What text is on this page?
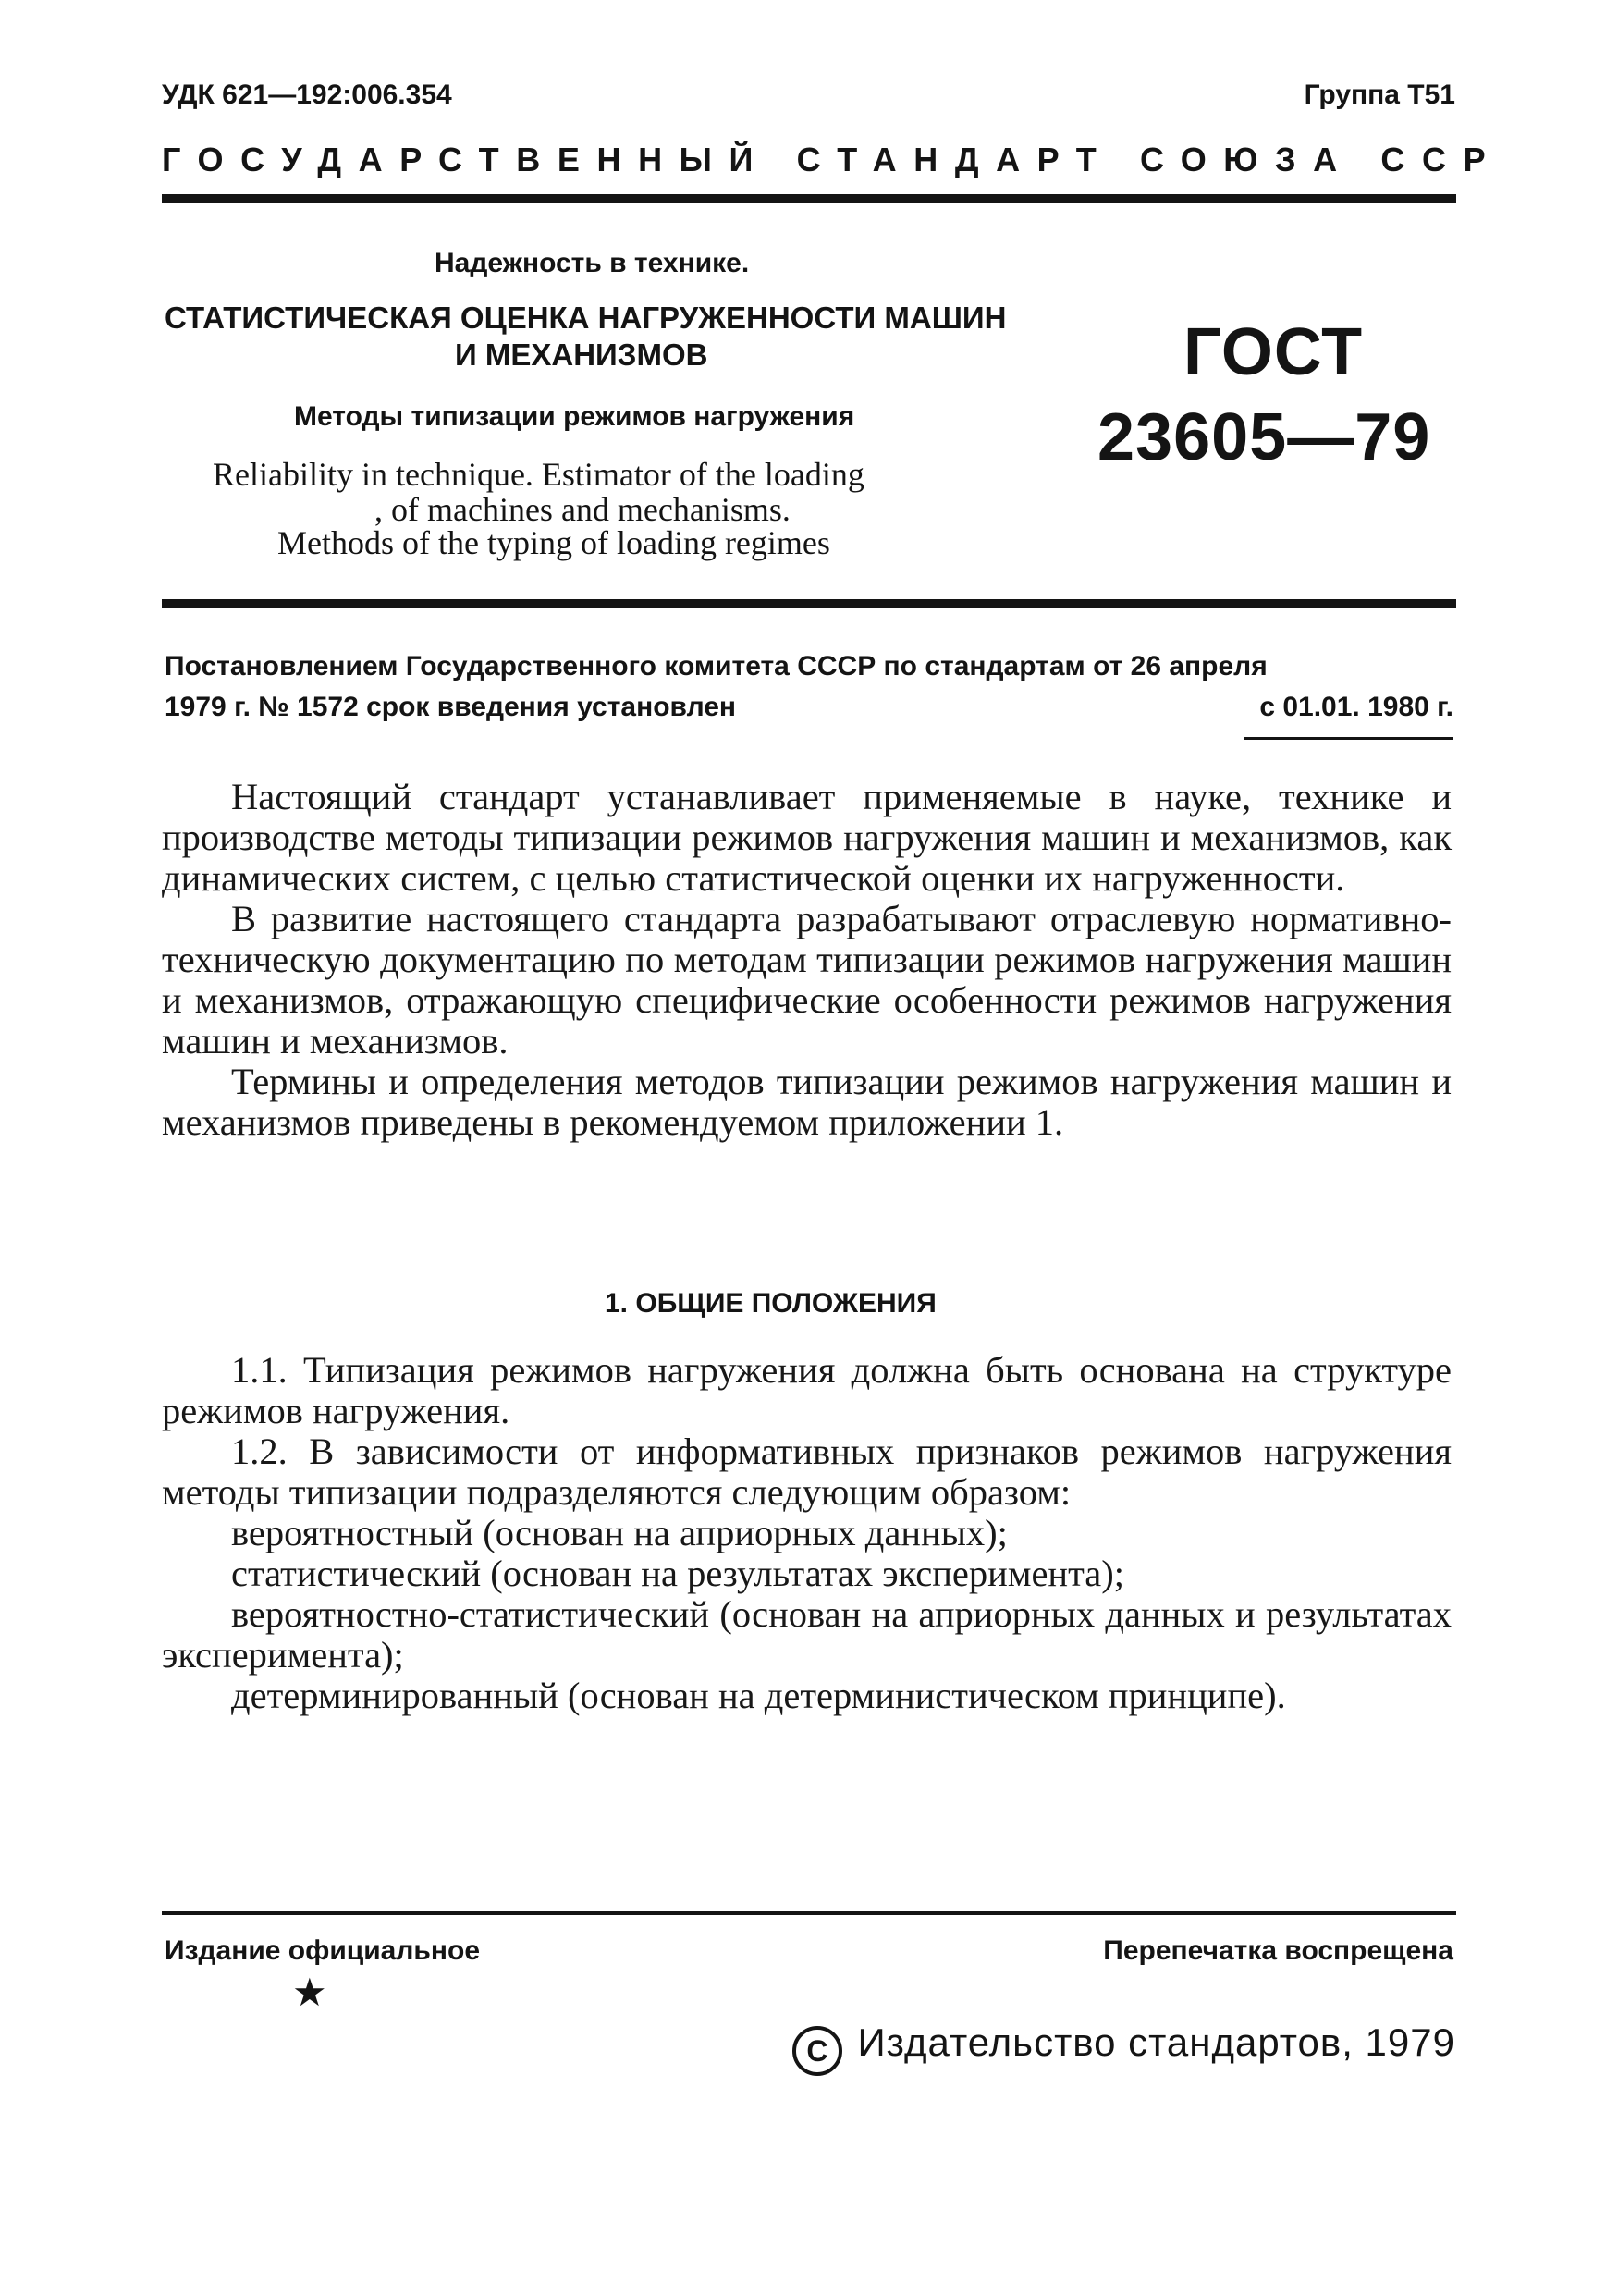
УДК 621—192:006.354	Группа Т51
ГОСУДАРСТВЕННЫЙ СТАНДАРТ СОЮЗА ССР
Надежность в технике.
СТАТИСТИЧЕСКАЯ ОЦЕНКА НАГРУЖЕННОСТИ МАШИН
И МЕХАНИЗМОВ
Методы типизации режимов нагружения
Reliability in technique. Estimator of the loading
, of machines and mechanisms.
Methods of the typing of loading regimes
ГОСТ
23605—79
Постановлением Государственного комитета СССР по стандартам от 26 апреля
1979 г. № 1572 срок введения установлен	с 01.01. 1980 г.

Настоящий стандарт устанавливает применяемые в науке, технике и производстве методы типизации режимов нагружения машин и механизмов, как динамических систем, с целью статистической оценки их нагруженности.

В развитие настоящего стандарта разрабатывают отраслевую нормативно-техническую документацию по методам типизации режимов нагружения машин и механизмов, отражающую специфические особенности режимов нагружения машин и механизмов.

Термины и определения методов типизации режимов нагружения машин и механизмов приведены в рекомендуемом приложении 1.

1. ОБЩИЕ ПОЛОЖЕНИЯ

1.1. Типизация режимов нагружения должна быть основана на структуре режимов нагружения.

1.2. В зависимости от информативных признаков режимов нагружения методы типизации подразделяются следующим образом:

вероятностный (основан на априорных данных);

статистический (основан на результатах эксперимента);

вероятностно-статистический (основан на априорных данных и результатах эксперимента);

детерминированный (основан на детерминистическом принципе).

Издание официальное	Перепечатка воспрещена
★
C Издательство стандартов, 1979
